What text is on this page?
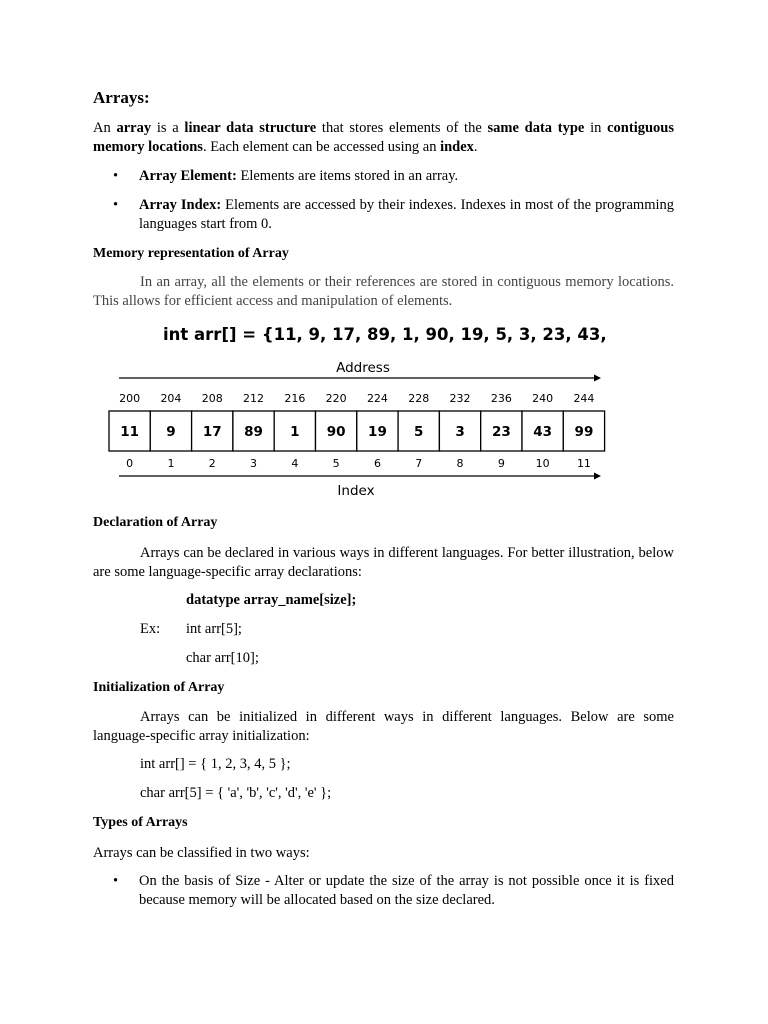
Arrays:

An array is a linear data structure that stores elements of the same data type in contiguous memory locations. Each element can be accessed using an index.

• Array Element: Elements are items stored in an array.
• Array Index: Elements are accessed by their indexes. Indexes in most of the programming languages start from 0.

Memory representation of Array

In an array, all the elements or their references are stored in contiguous memory locations. This allows for efficient access and manipulation of elements.

Declaration of Array

Arrays can be declared in various ways in different languages. For better illustration, below are some language-specific array declarations:

datatype array_name[size];

Ex: int arr[5];
char arr[10];

Initialization of Array

Arrays can be initialized in different ways in different languages. Below are some language-specific array initialization:

int arr[] = { 1, 2, 3, 4, 5 };
char arr[5] = { 'a', 'b', 'c', 'd', 'e' };

Types of Arrays

Arrays can be classified in two ways:

• On the basis of Size - Alter or update the size of the array is not possible once it is fixed because memory will be allocated based on the size declared.
int arr[] = {11, 9, 17, 89, 1, 90, 19, 5, 3, 23, 43, 99}
Address
200 204 208 212 216 220 224 228 232 236 240 244
11 9 17 89 1 90 19 5 3 23 43 99
0	1	2	3	4	5	6	7	8	9	10 11
Index
